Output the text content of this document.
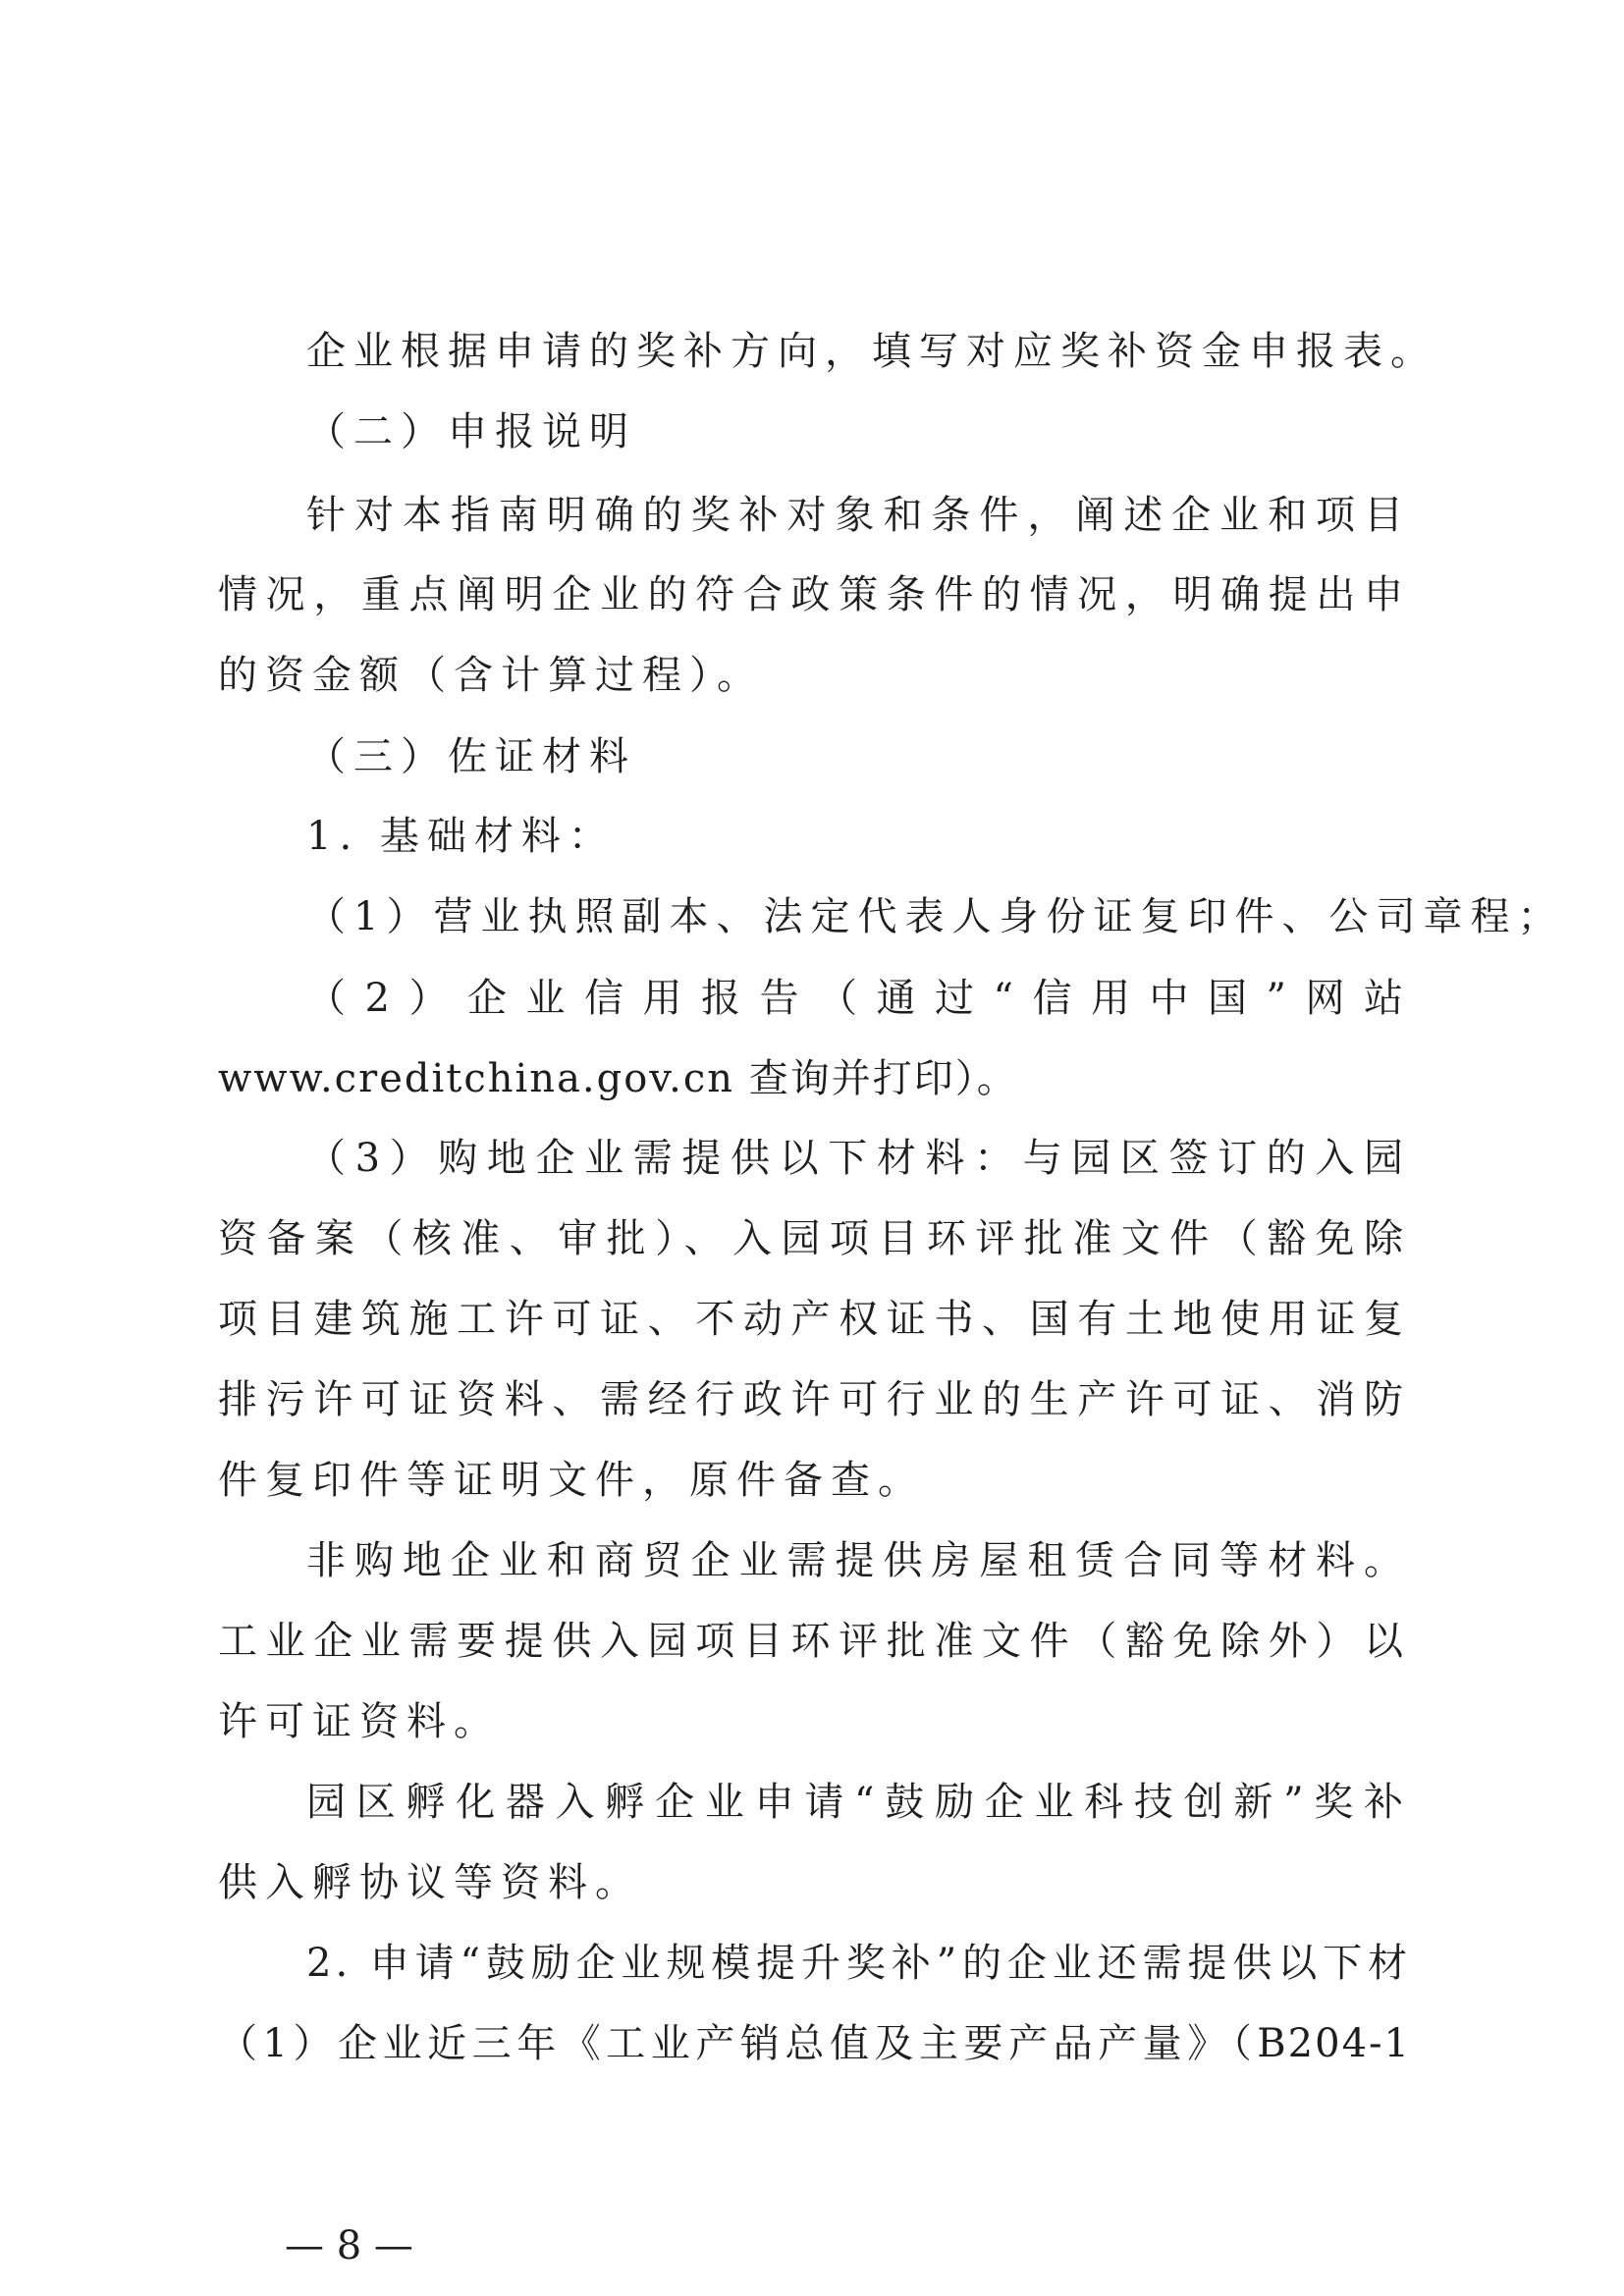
企业根据申请的奖补方向，填写对应奖补资金申报表。
（二）申报说明
针对本指南明确的奖补对象和条件，阐述企业和项目
情况，重点阐明企业的符合政策条件的情况，明确提出申
的资金额（含计算过程）。
（三）佐证材料
1. 基础材料：
（1）营业执照副本、法定代表人身份证复印件、公司章程；
（2）企业信用报告（通过“信用中国”网站
www.creditchina.gov.cn 查询并打印）。
（3）购地企业需提供以下材料：与园区签订的入园
资备案（核准、审批）、入园项目环评批准文件（豁免除
项目建筑施工许可证、不动产权证书、国有土地使用证复
排污许可证资料、需经行政许可行业的生产许可证、消防
件复印件等证明文件，原件备查。
非购地企业和商贸企业需提供房屋租赁合同等材料。
工业企业需要提供入园项目环评批准文件（豁免除外）以
许可证资料。
园区孵化器入孵企业申请“鼓励企业科技创新”奖补
供入孵协议等资料。
2. 申请“鼓励企业规模提升奖补”的企业还需提供以下材
（1）企业近三年《工业产销总值及主要产品产量》（B204-1
— 8 —
